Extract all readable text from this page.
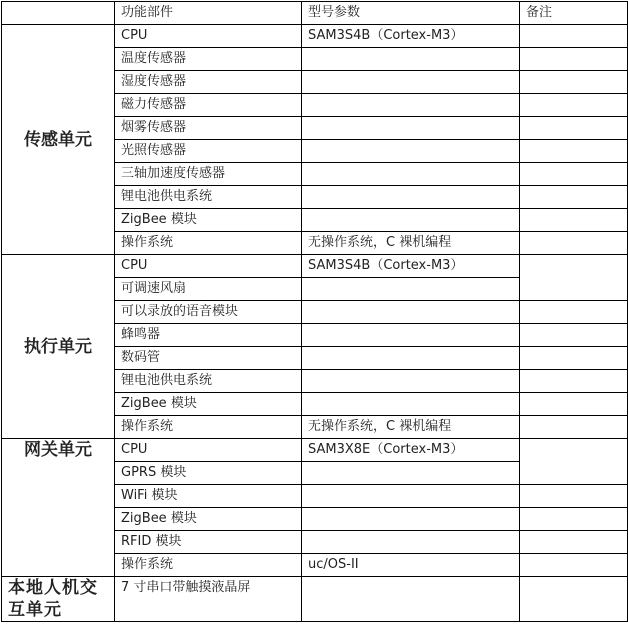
	功能部件	型号参数	备注
传感单元	CPU	SAM3S4B（Cortex-M3）	
	温度传感器		
	湿度传感器		
	磁力传感器		
	烟雾传感器		
	光照传感器		
	三轴加速度传感器		
	锂电池供电系统		
	ZigBee 模块		
	操作系统	无操作系统，C 裸机编程	
执行单元	CPU	SAM3S4B（Cortex-M3）	
	可调速风扇		
	可以录放的语音模块		
	蜂鸣器		
	数码管		
	锂电池供电系统		
	ZigBee 模块		
	操作系统	无操作系统，C 裸机编程	
网关单元	CPU	SAM3X8E（Cortex-M3）	
	GPRS 模块		
	WiFi 模块		
	ZigBee 模块		
	RFID 模块		
	操作系统	uc/OS-II	
本地人机交互单元	7 寸串口带触摸液晶屏		
